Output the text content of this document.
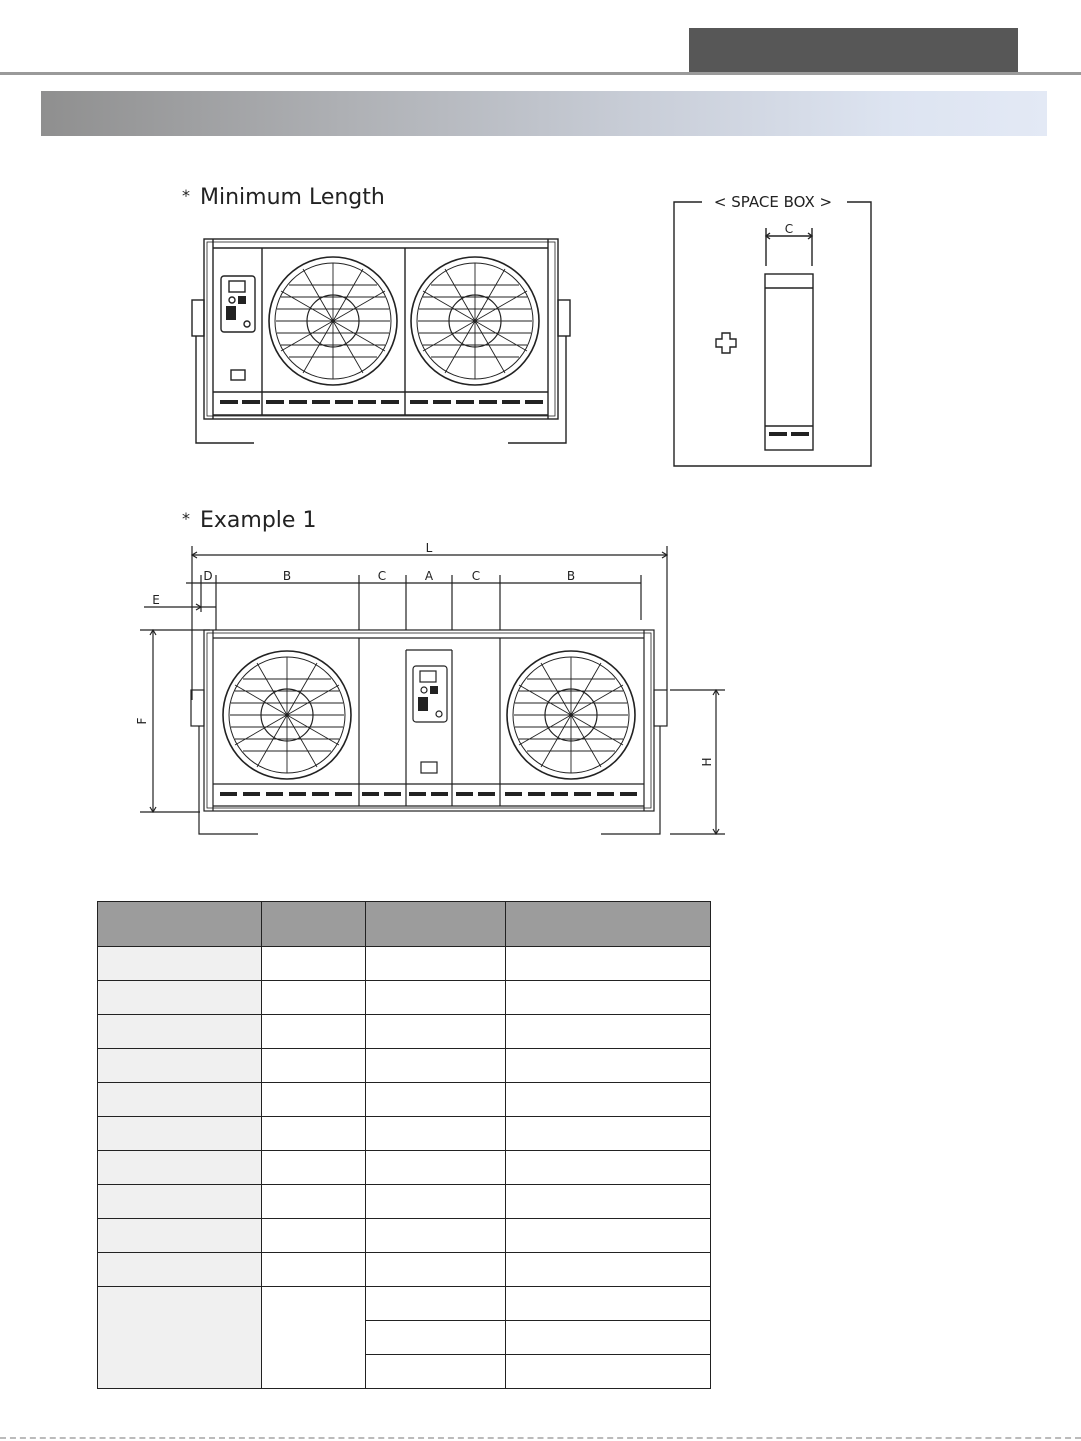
* Minimum Length	< SPACE BOX >
C
* Example 1
L
D	B	C	A	C	B
E
F
H
